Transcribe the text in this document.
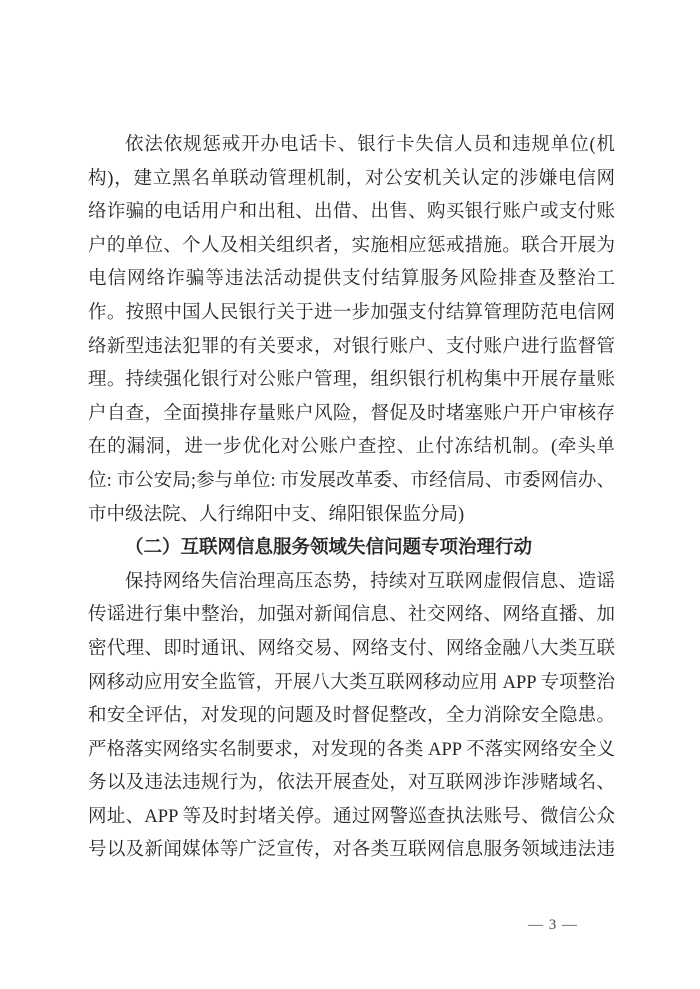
依法依规惩戒开办电话卡、银行卡失信人员和违规单位(机
构)，建立黑名单联动管理机制，对公安机关认定的涉嫌电信网
络诈骗的电话用户和出租、出借、出售、购买银行账户或支付账
户的单位、个人及相关组织者，实施相应惩戒措施。联合开展为
电信网络诈骗等违法活动提供支付结算服务风险排查及整治工
作。按照中国人民银行关于进一步加强支付结算管理防范电信网
络新型违法犯罪的有关要求，对银行账户、支付账户进行监督管
理。持续强化银行对公账户管理，组织银行机构集中开展存量账
户自查，全面摸排存量账户风险，督促及时堵塞账户开户审核存
在的漏洞，进一步优化对公账户查控、止付冻结机制。(牵头单
位: 市公安局;参与单位: 市发展改革委、市经信局、市委网信办、
市中级法院、人行绵阳中支、绵阳银保监分局)
（二）互联网信息服务领域失信问题专项治理行动
保持网络失信治理高压态势，持续对互联网虚假信息、造谣
传谣进行集中整治，加强对新闻信息、社交网络、网络直播、加
密代理、即时通讯、网络交易、网络支付、网络金融八大类互联
网移动应用安全监管，开展八大类互联网移动应用 APP 专项整治
和安全评估，对发现的问题及时督促整改，全力消除安全隐患。
严格落实网络实名制要求，对发现的各类 APP 不落实网络安全义
务以及违法违规行为，依法开展查处，对互联网涉诈涉赌域名、
网址、APP 等及时封堵关停。通过网警巡查执法账号、微信公众
号以及新闻媒体等广泛宣传，对各类互联网信息服务领域违法违
— 3 —
